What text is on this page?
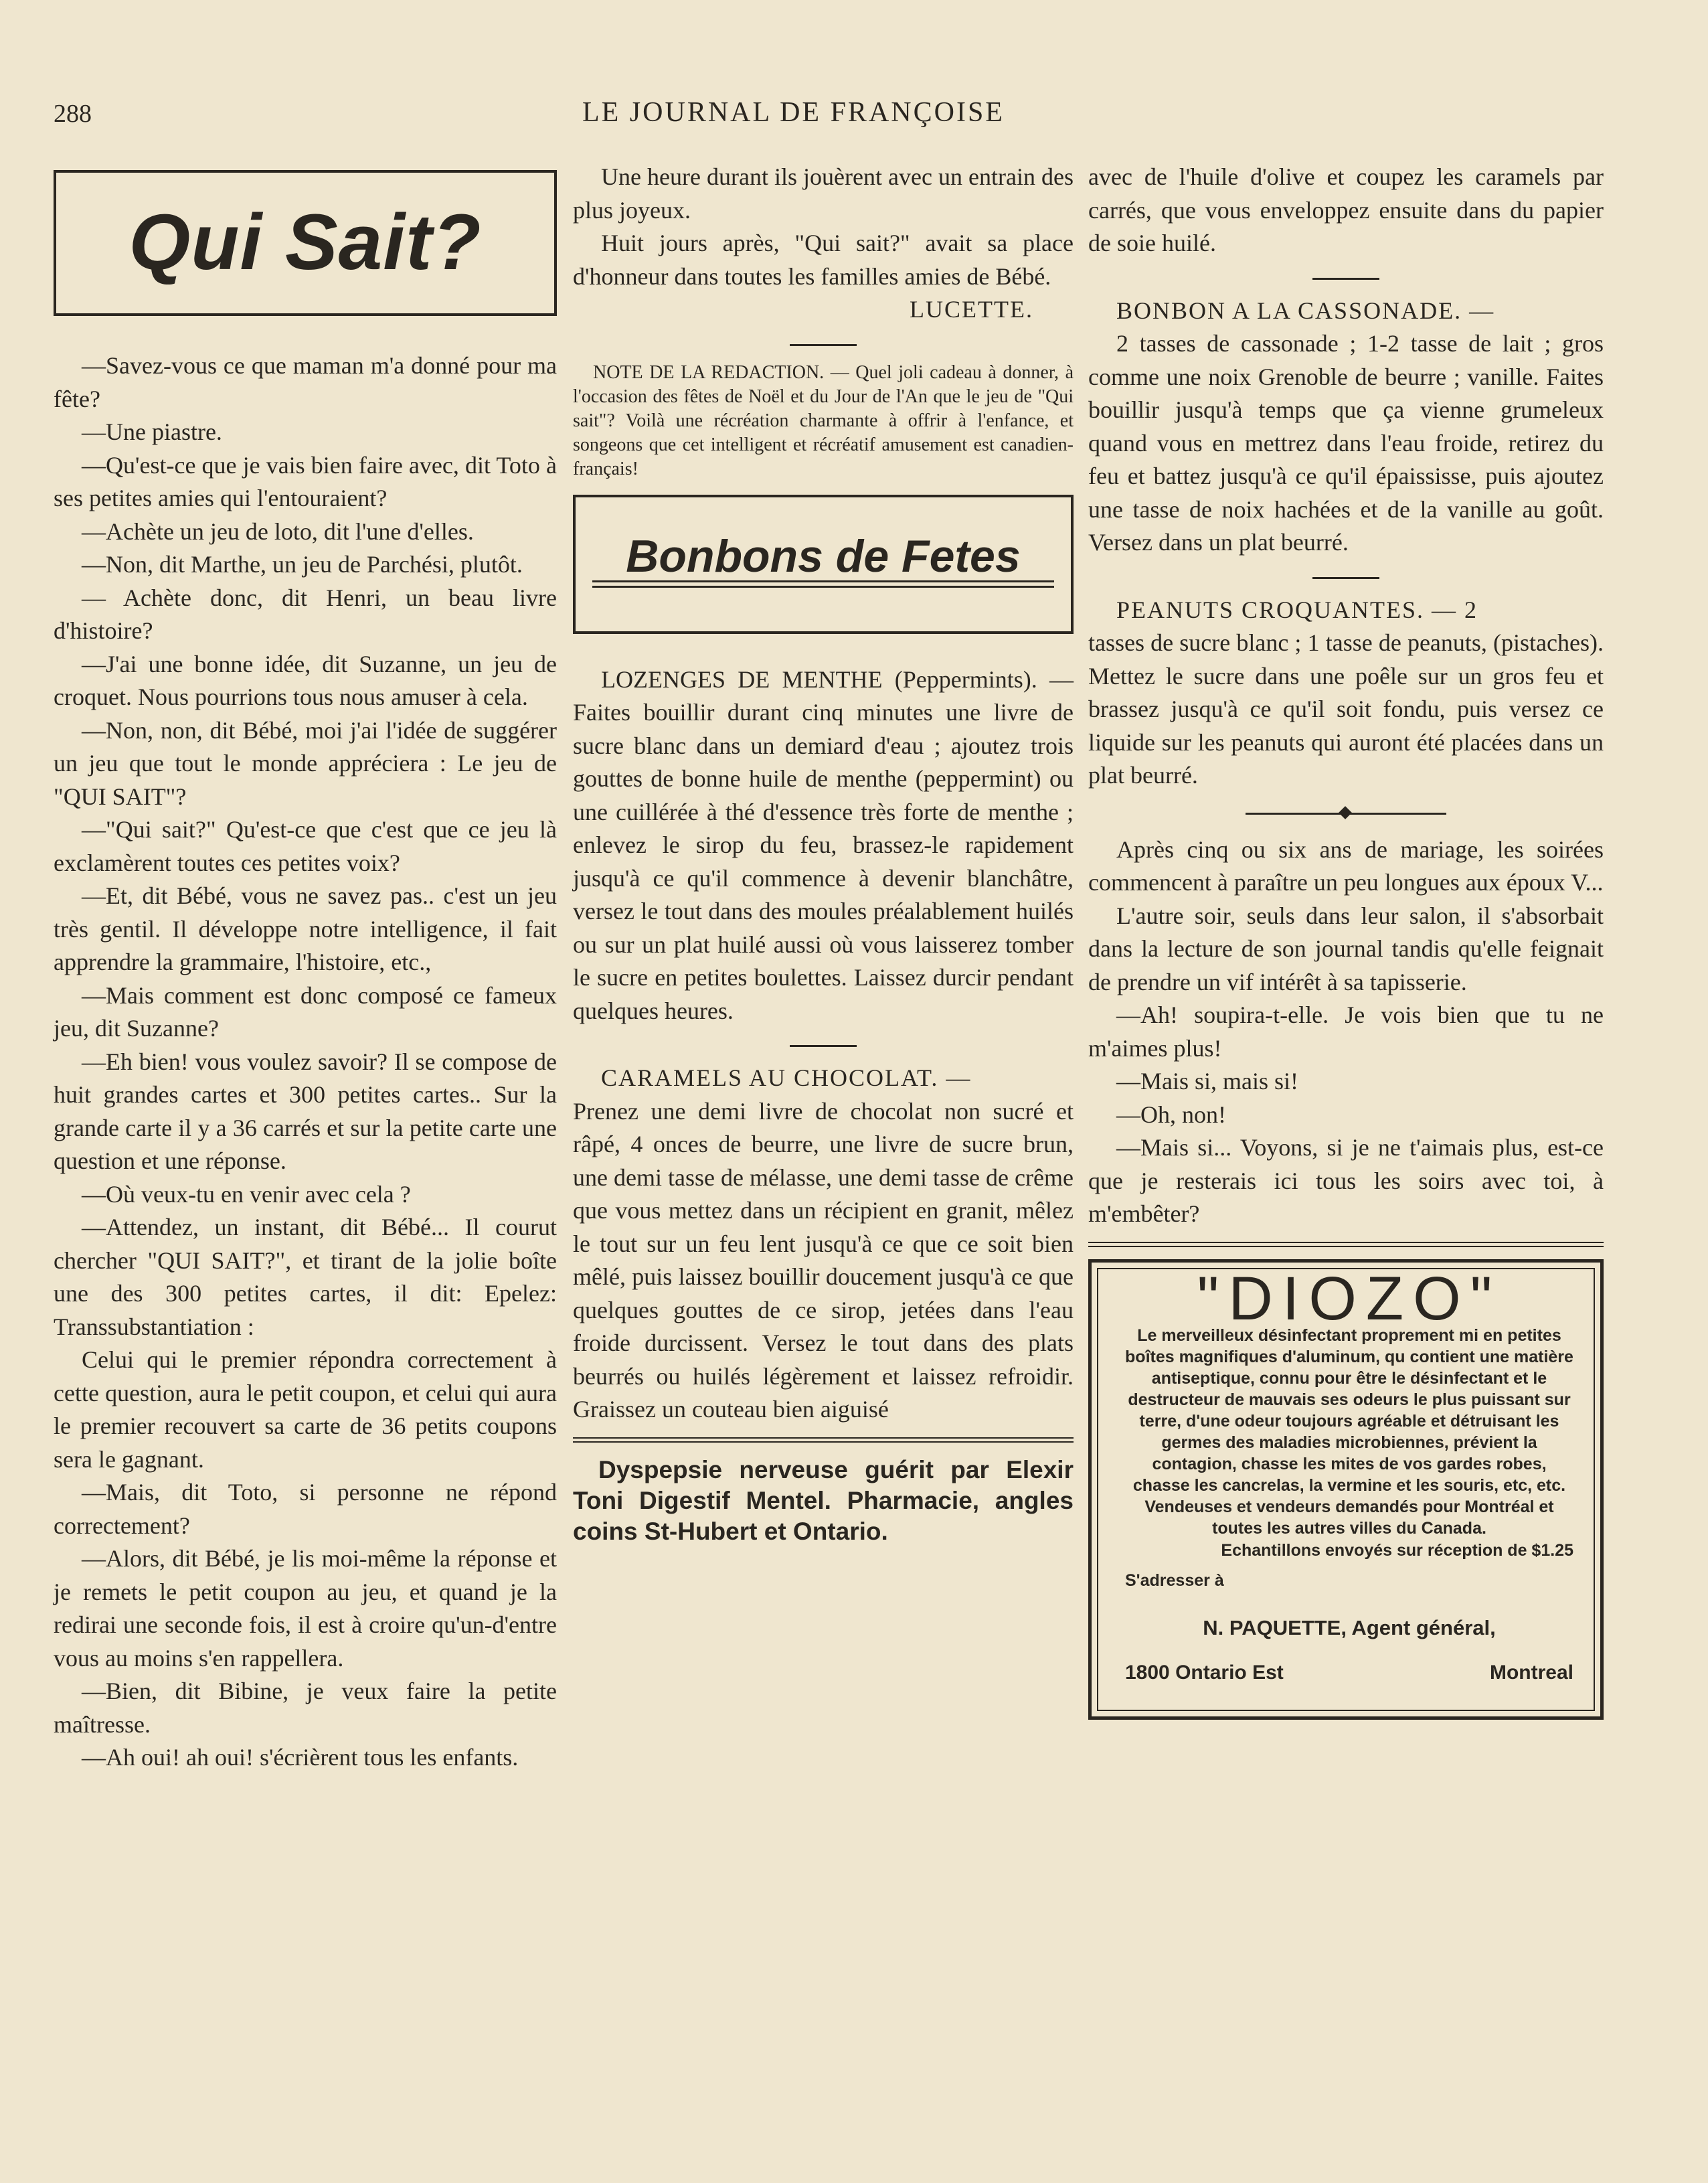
288	LE JOURNAL DE FRANÇOISE
Qui Sait?

—Savez-vous ce que maman m'a donné pour ma fête?

—Une piastre.

—Qu'est-ce que je vais bien faire avec, dit Toto à ses petites amies qui l'entouraient?

—Achète un jeu de loto, dit l'une d'elles.

—Non, dit Marthe, un jeu de Parchési, plutôt.

— Achète donc, dit Henri, un beau livre d'histoire?

—J'ai une bonne idée, dit Suzanne, un jeu de croquet. Nous pourrions tous nous amuser à cela.

—Non, non, dit Bébé, moi j'ai l'idée de suggérer un jeu que tout le monde appréciera : Le jeu de "QUI SAIT"?

—"Qui sait?" Qu'est-ce que c'est que ce jeu là exclamèrent toutes ces petites voix?

—Et, dit Bébé, vous ne savez pas.. c'est un jeu très gentil. Il développe notre intelligence, il fait apprendre la grammaire, l'histoire, etc.,

—Mais comment est donc composé ce fameux jeu, dit Suzanne?

—Eh bien! vous voulez savoir? Il se compose de huit grandes cartes et 300 petites cartes.. Sur la grande carte il y a 36 carrés et sur la petite carte une question et une réponse.

—Où veux-tu en venir avec cela ?

—Attendez, un instant, dit Bébé... Il courut chercher "QUI SAIT?", et tirant de la jolie boîte une des 300 petites cartes, il dit: Epelez: Transsubstantiation :

Celui qui le premier répondra correctement à cette question, aura le petit coupon, et celui qui aura le premier recouvert sa carte de 36 petits coupons sera le gagnant.

—Mais, dit Toto, si personne ne répond correctement?

—Alors, dit Bébé, je lis moi-même la réponse et je remets le petit coupon au jeu, et quand je la redirai une seconde fois, il est à croire qu'un-d'entre vous au moins s'en rappellera.

—Bien, dit Bibine, je veux faire la petite maîtresse.

—Ah oui! ah oui! s'écrièrent tous les enfants.

Une heure durant ils jouèrent avec un entrain des plus joyeux.

Huit jours après, "Qui sait?" avait sa place d'honneur dans toutes les familles amies de Bébé.

LUCETTE.

NOTE DE LA REDACTION. — Quel joli cadeau à donner, à l'occasion des fêtes de Noël et du Jour de l'An que le jeu de "Qui sait"? Voilà une récréation charmante à offrir à l'enfance, et songeons que cet intelligent et récréatif amusement est canadien-français!

Bonbons de Fetes

LOZENGES DE MENTHE (Peppermints). — Faites bouillir durant cinq minutes une livre de sucre blanc dans un demiard d'eau ; ajoutez trois gouttes de bonne huile de menthe (peppermint) ou une cuillérée à thé d'essence très forte de menthe ; enlevez le sirop du feu, brassez-le rapidement jusqu'à ce qu'il commence à devenir blanchâtre, versez le tout dans des moules préalablement huilés ou sur un plat huilé aussi où vous laisserez tomber le sucre en petites boulettes. Laissez durcir pendant quelques heures.

CARAMELS AU CHOCOLAT. —

Prenez une demi livre de chocolat non sucré et râpé, 4 onces de beurre, une livre de sucre brun, une demi tasse de mélasse, une demi tasse de crême que vous mettez dans un récipient en granit, mêlez le tout sur un feu lent jusqu'à ce que ce soit bien mêlé, puis laissez bouillir doucement jusqu'à ce que quelques gouttes de ce sirop, jetées dans l'eau froide durcissent. Versez le tout dans des plats beurrés ou huilés légèrement et laissez refroidir. Graissez un couteau bien aiguisé

Dyspepsie nerveuse guérit par Elexir Toni Digestif Mentel. Pharmacie, angles coins St-Hubert et Ontario.

avec de l'huile d'olive et coupez les caramels par carrés, que vous enveloppez ensuite dans du papier de soie huilé.

BONBON A LA CASSONADE. —

2 tasses de cassonade ; 1-2 tasse de lait ; gros comme une noix Grenoble de beurre ; vanille. Faites bouillir jusqu'à temps que ça vienne grumeleux quand vous en mettrez dans l'eau froide, retirez du feu et battez jusqu'à ce qu'il épaississe, puis ajoutez une tasse de noix hachées et de la vanille au goût. Versez dans un plat beurré.

PEANUTS CROQUANTES. — 2

tasses de sucre blanc ; 1 tasse de peanuts, (pistaches). Mettez le sucre dans une poêle sur un gros feu et brassez jusqu'à ce qu'il soit fondu, puis versez ce liquide sur les peanuts qui auront été placées dans un plat beurré.

Après cinq ou six ans de mariage, les soirées commencent à paraître un peu longues aux époux V...

L'autre soir, seuls dans leur salon, il s'absorbait dans la lecture de son journal tandis qu'elle feignait de prendre un vif intérêt à sa tapisserie.

—Ah! soupira-t-elle. Je vois bien que tu ne m'aimes plus!

—Mais si, mais si!

—Oh, non!

—Mais si... Voyons, si je ne t'aimais plus, est-ce que je resterais ici tous les soirs avec toi, à m'embêter?

"DIOZO"
Le merveilleux désinfectant proprement mi en petites boîtes magnifiques d'aluminum, qu contient une matière antiseptique, connu pour être le désinfectant et le destructeur de mauvais ses odeurs le plus puissant sur terre, d'une odeur toujours agréable et détruisant les germes des maladies microbiennes, prévient la contagion, chasse les mites de vos gardes robes, chasse les cancrelas, la vermine et les souris, etc, etc. Vendeuses et vendeurs demandés pour Montréal et toutes les autres villes du Canada.
Echantillons envoyés sur réception de $1.25
S'adresser à
N. PAQUETTE, Agent général,
1800 Ontario Est	Montreal
